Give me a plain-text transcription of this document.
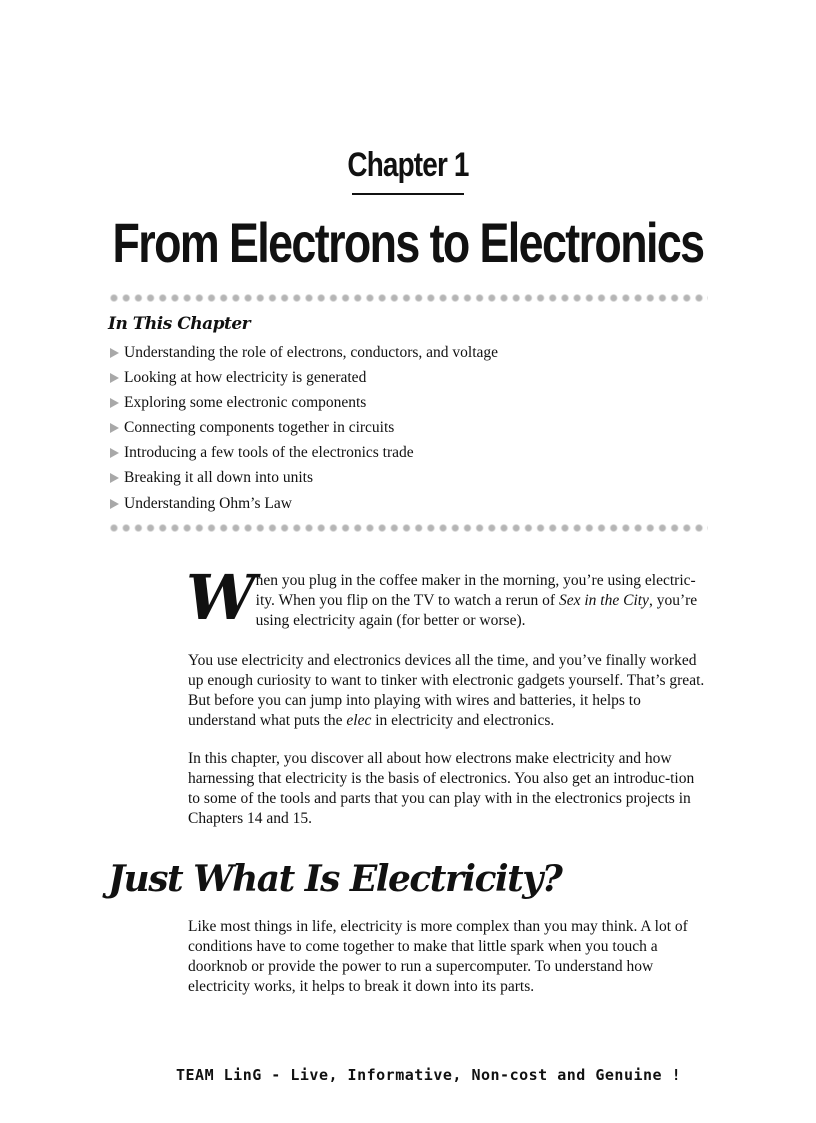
Chapter 1
From Electrons to Electronics
In This Chapter
Understanding the role of electrons, conductors, and voltage
Looking at how electricity is generated
Exploring some electronic components
Connecting components together in circuits
Introducing a few tools of the electronics trade
Breaking it all down into units
Understanding Ohm’s Law

When you plug in the coffee maker in the morning, you’re using electric-ity. When you flip on the TV to watch a rerun of Sex in the City, you’re using electricity again (for better or worse).

You use electricity and electronics devices all the time, and you’ve finally worked up enough curiosity to want to tinker with electronic gadgets yourself. That’s great. But before you can jump into playing with wires and batteries, it helps to understand what puts the elec in electricity and electronics.

In this chapter, you discover all about how electrons make electricity and how harnessing that electricity is the basis of electronics. You also get an introduc-tion to some of the tools and parts that you can play with in the electronics projects in Chapters 14 and 15.

Just What Is Electricity?

Like most things in life, electricity is more complex than you may think. A lot of conditions have to come together to make that little spark when you touch a doorknob or provide the power to run a supercomputer. To understand how electricity works, it helps to break it down into its parts.

TEAM LinG - Live, Informative, Non-cost and Genuine !
